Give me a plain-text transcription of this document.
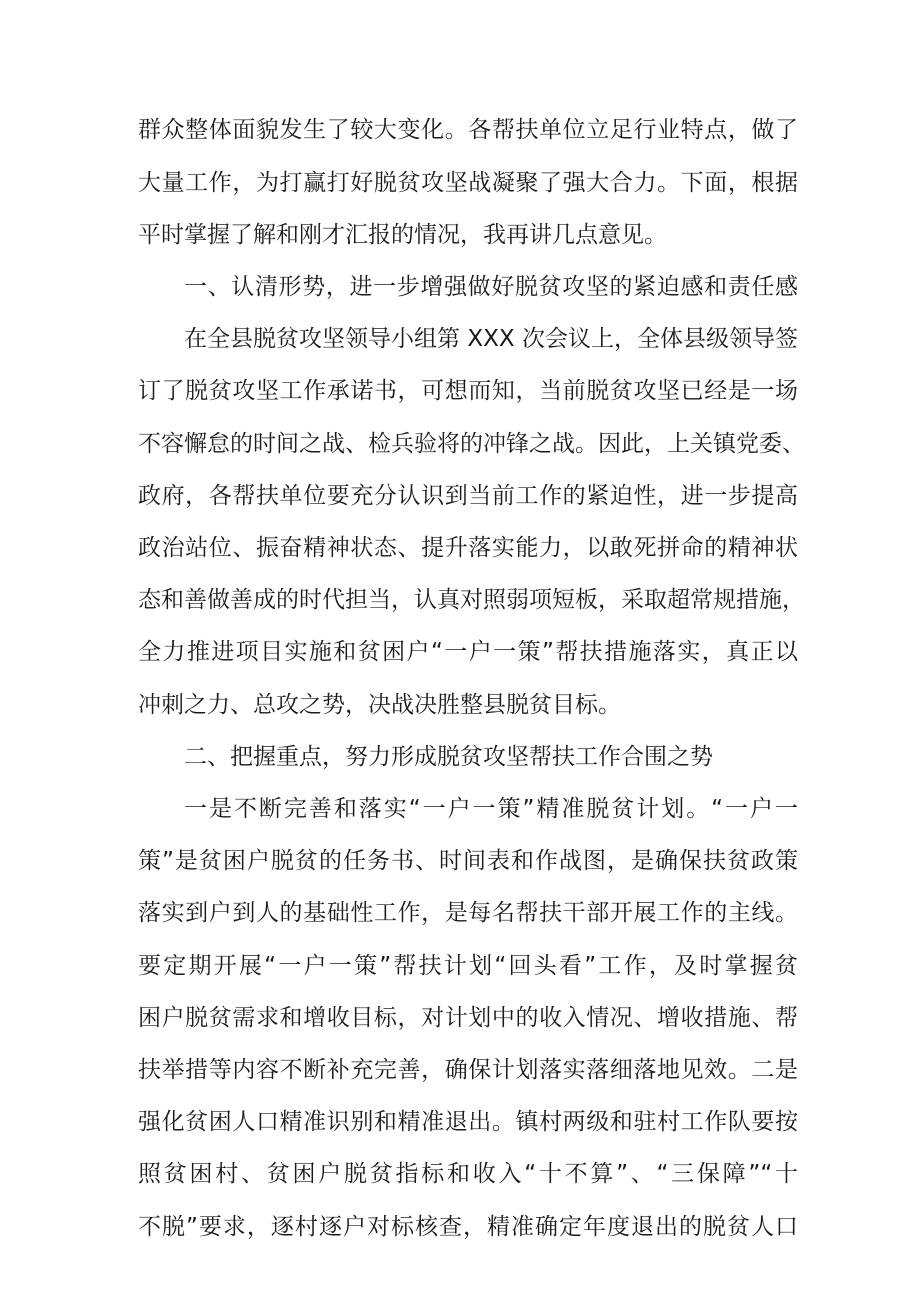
群众整体面貌发生了较大变化。各帮扶单位立足行业特点，做了

大量工作，为打赢打好脱贫攻坚战凝聚了强大合力。下面，根据

平时掌握了解和刚才汇报的情况，我再讲几点意见。

一、认清形势，进一步增强做好脱贫攻坚的紧迫感和责任感

在全县脱贫攻坚领导小组第 XXX 次会议上，全体县级领导签

订了脱贫攻坚工作承诺书，可想而知，当前脱贫攻坚已经是一场

不容懈怠的时间之战、检兵验将的冲锋之战。因此，上关镇党委、

政府，各帮扶单位要充分认识到当前工作的紧迫性，进一步提高

政治站位、振奋精神状态、提升落实能力，以敢死拼命的精神状

态和善做善成的时代担当，认真对照弱项短板，采取超常规措施，

全力推进项目实施和贫困户“一户一策”帮扶措施落实，真正以

冲刺之力、总攻之势，决战决胜整县脱贫目标。

二、把握重点，努力形成脱贫攻坚帮扶工作合围之势

一是不断完善和落实“一户一策”精准脱贫计划。“一户一

策”是贫困户脱贫的任务书、时间表和作战图，是确保扶贫政策

落实到户到人的基础性工作，是每名帮扶干部开展工作的主线。

要定期开展“一户一策”帮扶计划“回头看”工作，及时掌握贫

困户脱贫需求和增收目标，对计划中的收入情况、增收措施、帮

扶举措等内容不断补充完善，确保计划落实落细落地见效。二是

强化贫困人口精准识别和精准退出。镇村两级和驻村工作队要按

照贫困村、贫困户脱贫指标和收入“十不算”、“三保障”“十

不脱”要求，逐村逐户对标核查，精准确定年度退出的脱贫人口
